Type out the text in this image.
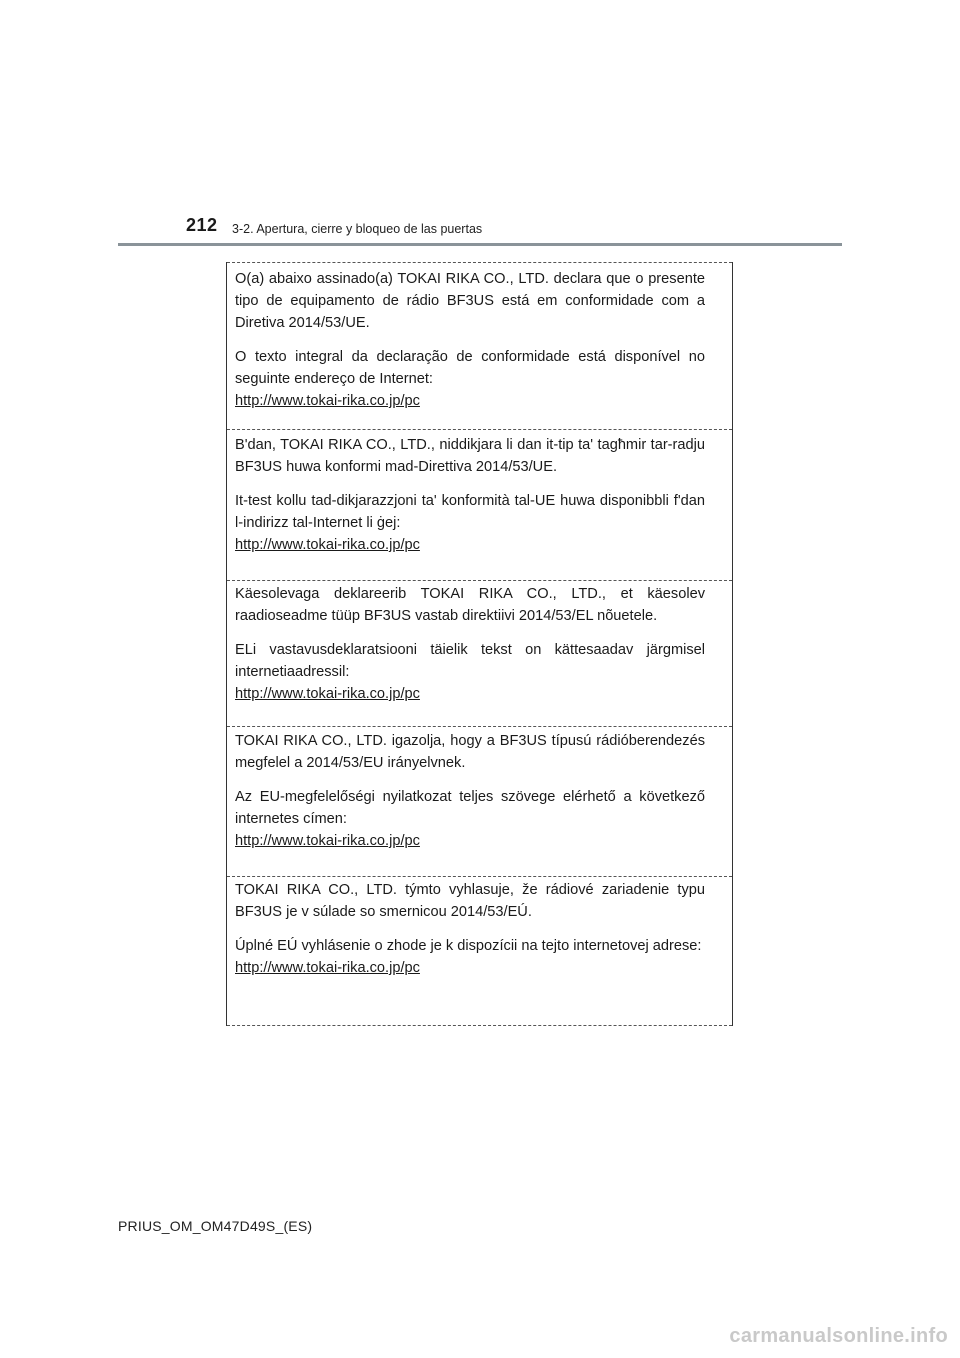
212 3-2. Apertura, cierre y bloqueo de las puertas

O(a) abaixo assinado(a) TOKAI RIKA CO., LTD. declara que o presente tipo de equipamento de rádio BF3US está em conformidade com a Diretiva 2014/53/UE.

O texto integral da declaração de conformidade está disponível no seguinte endereço de Internet:

http://www.tokai-rika.co.jp/pc

B'dan, TOKAI RIKA CO., LTD., niddikjara li dan it-tip ta' tagħmir tar-radju BF3US huwa konformi mad-Direttiva 2014/53/UE.

It-test kollu tad-dikjarazzjoni ta' konformità tal-UE huwa disponibbli f'dan l-indirizz tal-Internet li ġej:

http://www.tokai-rika.co.jp/pc

Käesolevaga deklareerib TOKAI RIKA CO., LTD., et käesolev raadioseadme tüüp BF3US vastab direktiivi 2014/53/EL nõuetele.

ELi vastavusdeklaratsiooni täielik tekst on kättesaadav järgmisel internetiaadressil:

http://www.tokai-rika.co.jp/pc

TOKAI RIKA CO., LTD. igazolja, hogy a BF3US típusú rádióberendezés megfelel a 2014/53/EU irányelvnek.

Az EU-megfelelőségi nyilatkozat teljes szövege elérhető a következő internetes címen:

http://www.tokai-rika.co.jp/pc

TOKAI RIKA CO., LTD. týmto vyhlasuje, že rádiové zariadenie typu BF3US je v súlade so smernicou 2014/53/EÚ.

Úplné EÚ vyhlásenie o zhode je k dispozícii na tejto internetovej adrese:

http://www.tokai-rika.co.jp/pc

PRIUS_OM_OM47D49S_(ES)
carmanualsonline.info
